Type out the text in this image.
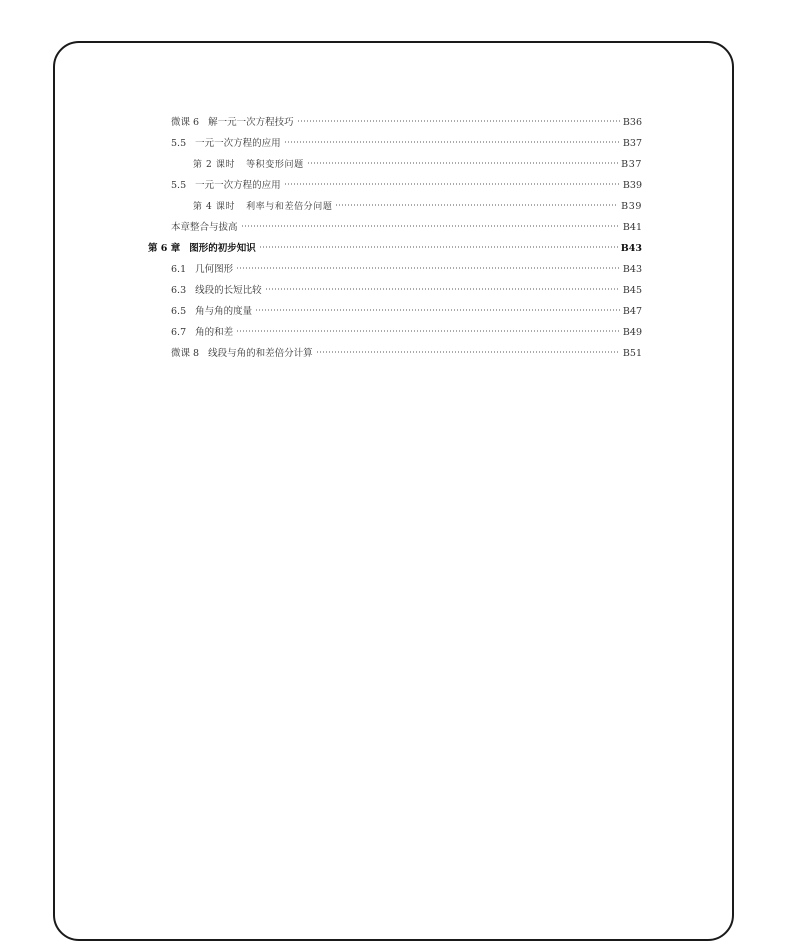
微课 6 解一元一次方程技巧	B36
5.5 一元一次方程的应用	B37
第 2 课时 等积变形问题	B37
5.5 一元一次方程的应用	B39
第 4 课时 利率与和差倍分问题	B39
本章整合与拔高	B41
第 6 章 图形的初步知识	B43
6.1 几何图形	B43
6.3 线段的长短比较	B45
6.5 角与角的度量	B47
6.7 角的和差	B49
微课 8 线段与角的和差倍分计算	B51
